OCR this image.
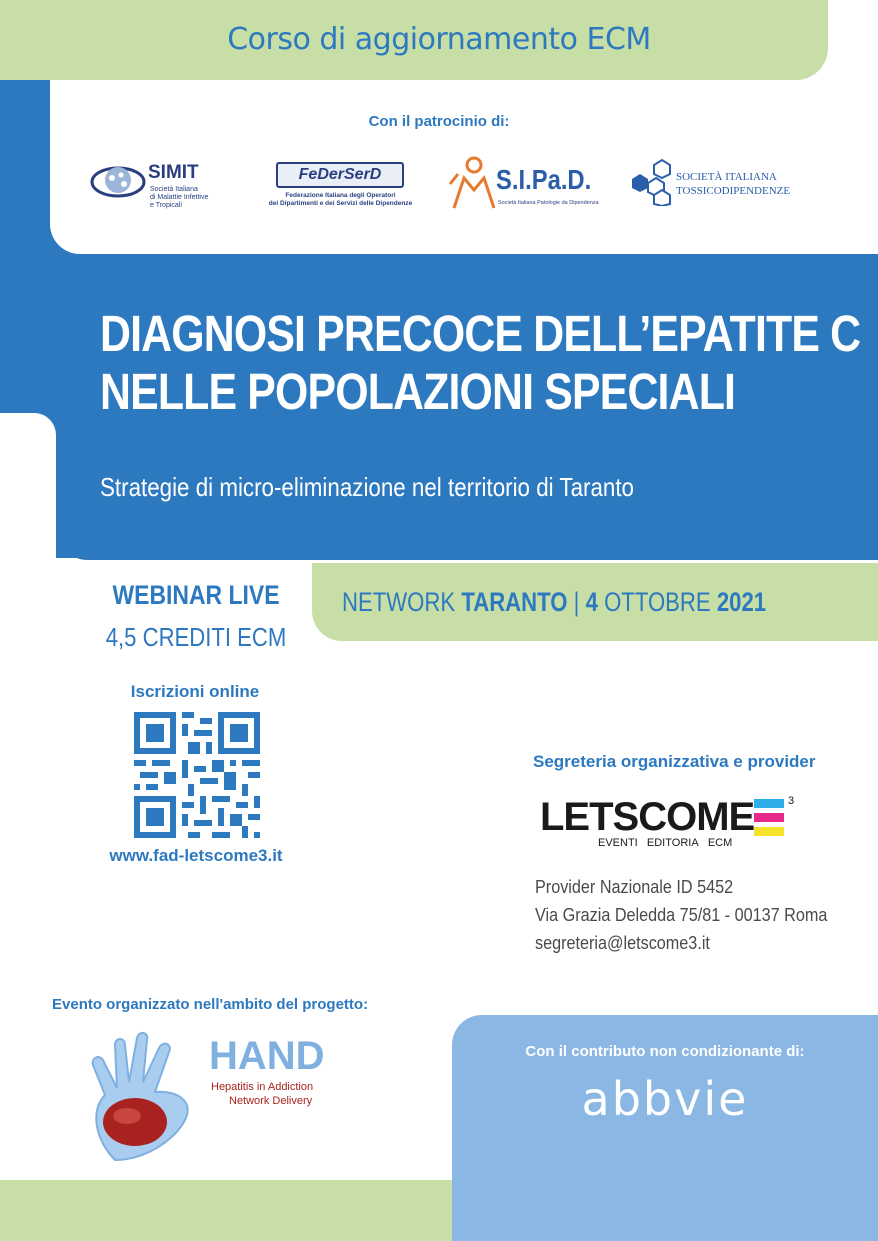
Corso di aggiornamento ECM
Con il patrocinio di:
SIMIT
Società Italiana
di Malattie Infettive
e Tropicali
FeDerSerD
Federazione Italiana degli Operatori
dei Dipartimenti e dei Servizi delle Dipendenze
S.I.Pa.D.
Società Italiana Patologie da Dipendenza
SOCIETÀ ITALIANA
TOSSICODIPENDENZE
DIAGNOSI PRECOCE DELL’EPATITE C
NELLE POPOLAZIONI SPECIALI
Strategie di micro-eliminazione nel territorio di Taranto
NETWORK TARANTO | 4 OTTOBRE 2021
WEBINAR LIVE
4,5 CREDITI ECM
Iscrizioni online
www.fad-letscome3.it
Segreteria organizzativa e provider
LETSCOME	3
EVENTI EDITORIA ECM
Provider Nazionale ID 5452
Via Grazia Deledda 75/81 - 00137 Roma
segreteria@letscome3.it
Evento organizzato nell'ambito del progetto:
HAND
Hepatitis in Addiction
Network Delivery
Con il contributo non condizionante di:
abbvie
